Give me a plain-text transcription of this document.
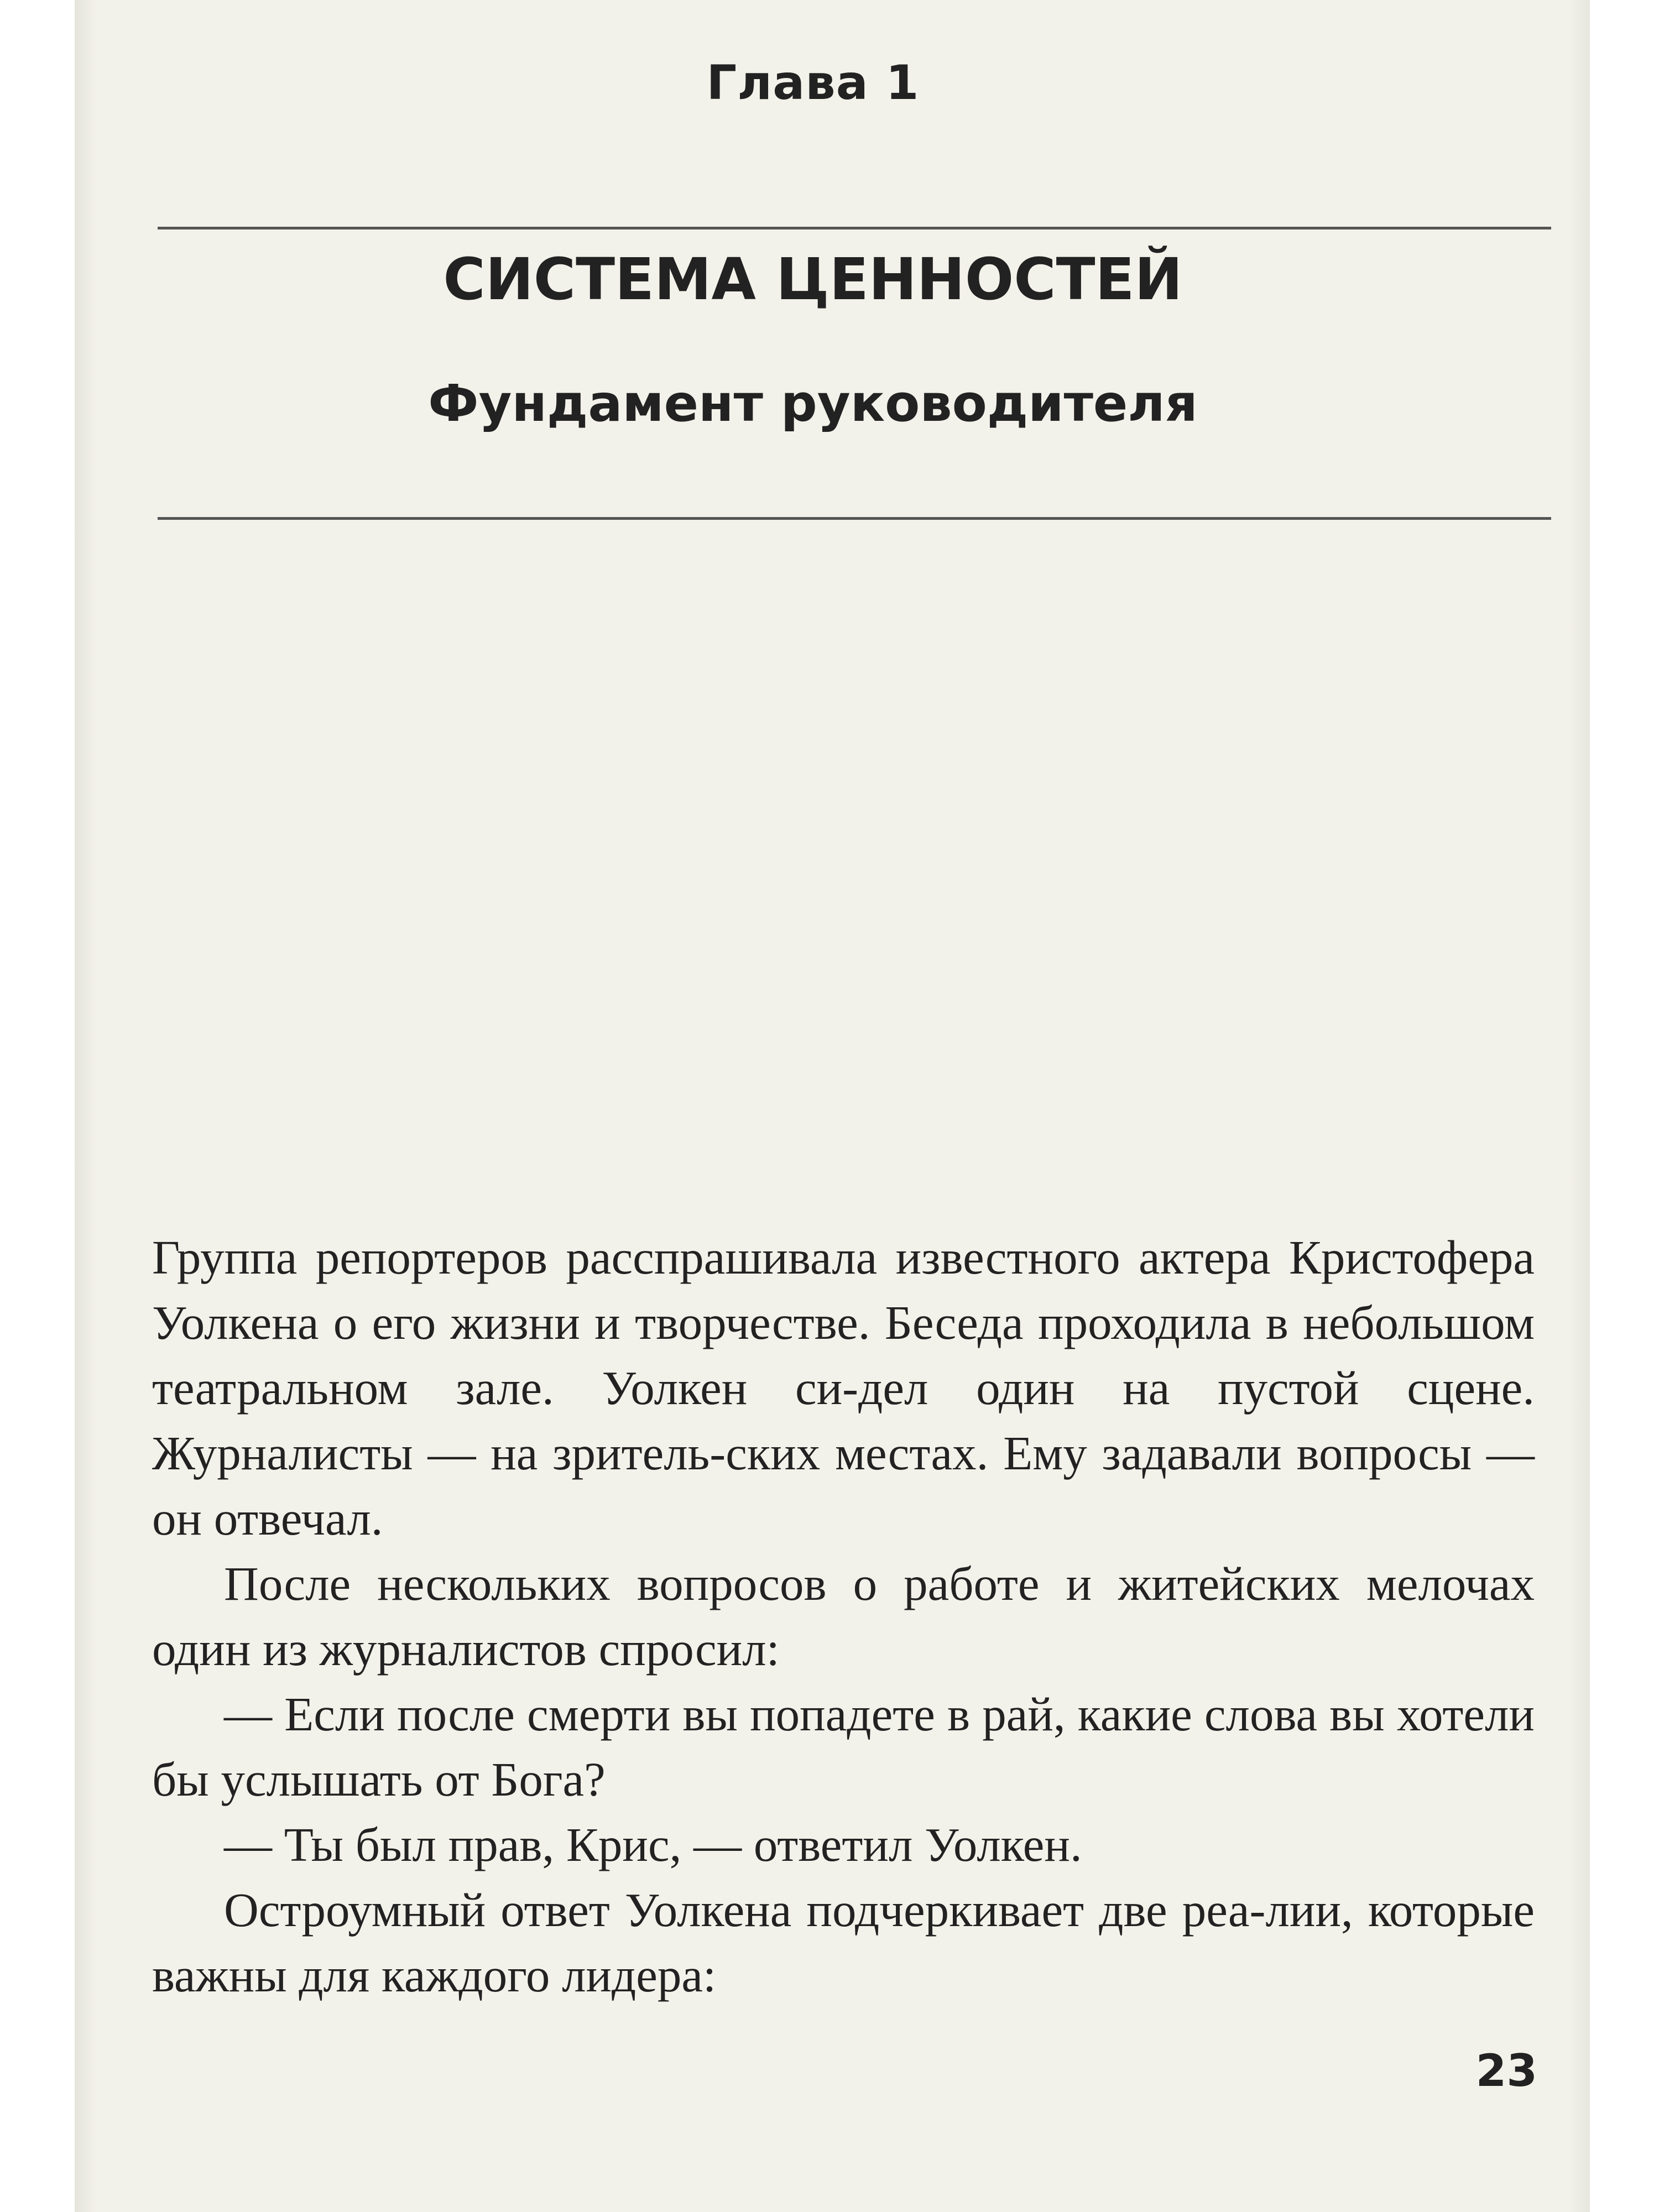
Глава 1
СИСТЕМА ЦЕННОСТЕЙ
Фундамент руководителя

Группа репортеров расспрашивала известного актера Кристофера Уолкена о его жизни и творчестве. Беседа проходила в небольшом театральном зале. Уолкен си-дел один на пустой сцене. Журналисты — на зритель-ских местах. Ему задавали вопросы — он отвечал.

После нескольких вопросов о работе и житейских мелочах один из журналистов спросил:

— Если после смерти вы попадете в рай, какие слова вы хотели бы услышать от Бога?

— Ты был прав, Крис, — ответил Уолкен.

Остроумный ответ Уолкена подчеркивает две реа-лии, которые важны для каждого лидера:

23
